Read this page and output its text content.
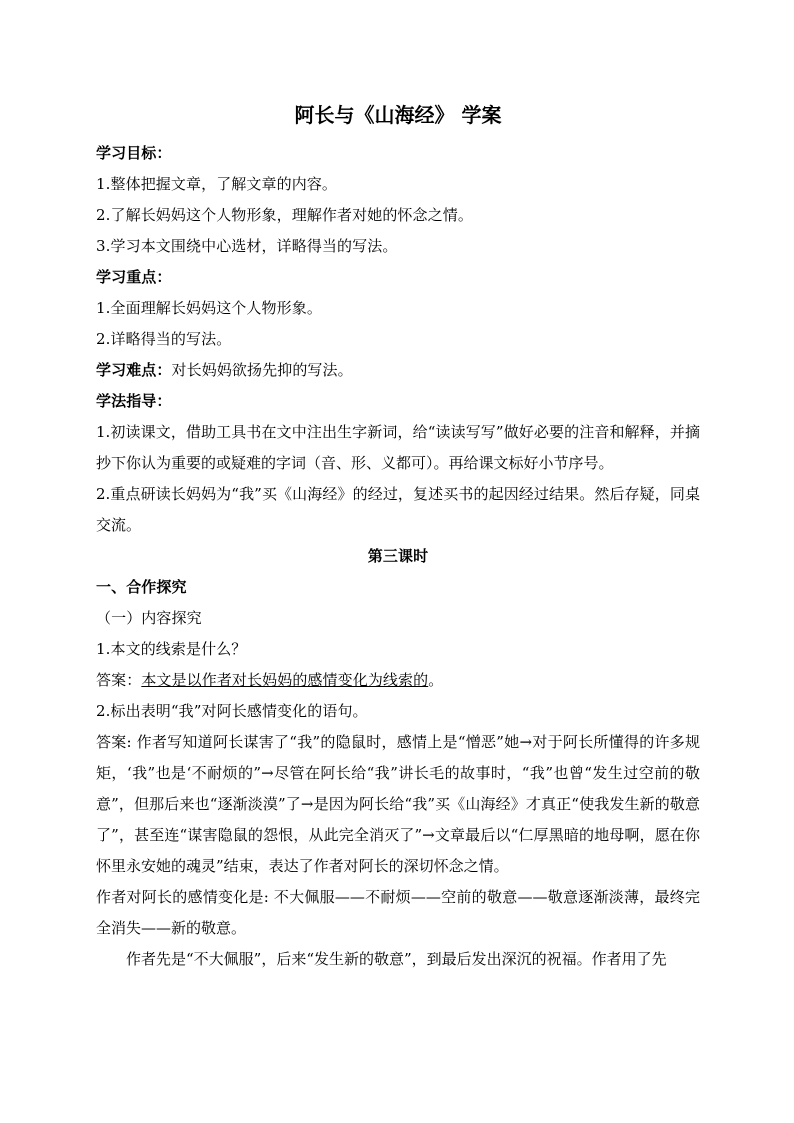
阿长与《山海经》 学案
学习目标：
1.整体把握文章，了解文章的内容。
2.了解长妈妈这个人物形象，理解作者对她的怀念之情。
3.学习本文围绕中心选材，详略得当的写法。
学习重点：
1.全面理解长妈妈这个人物形象。
2.详略得当的写法。
学习难点：对长妈妈欲扬先抑的写法。
学法指导：
1.初读课文，借助工具书在文中注出生字新词，给“读读写写”做好必要的注音和解释，并摘抄下你认为重要的或疑难的字词（音、形、义都可）。再给课文标好小节序号。
2.重点研读长妈妈为“我”买《山海经》的经过，复述买书的起因经过结果。然后存疑，同桌交流。
第三课时
一、合作探究
（一）内容探究
1.本文的线索是什么？
答案：本文是以作者对长妈妈的感情变化为线索的。
2.标出表明“我”对阿长感情变化的语句。
答案: 作者写知道阿长谋害了“我”的隐鼠时，感情上是“憎恶”她→对于阿长所懂得的许多规矩，‘我”也是‘不耐烦的”→尽管在阿长给“我”讲长毛的故事时，“我”也曾“发生过空前的敬意”，但那后来也“逐渐淡漠”了→是因为阿长给“我”买《山海经》才真正“使我发生新的敬意了”，甚至连“谋害隐鼠的怨恨，从此完全消灭了”→文章最后以“仁厚黑暗的地母啊，愿在你怀里永安她的魂灵”结束，表达了作者对阿长的深切怀念之情。
作者对阿长的感情变化是: 不大佩服——不耐烦——空前的敬意——敬意逐渐淡薄，最终完全消失——新的敬意。
作者先是“不大佩服”，后来“发生新的敬意”，到最后发出深沉的祝福。作者用了先
